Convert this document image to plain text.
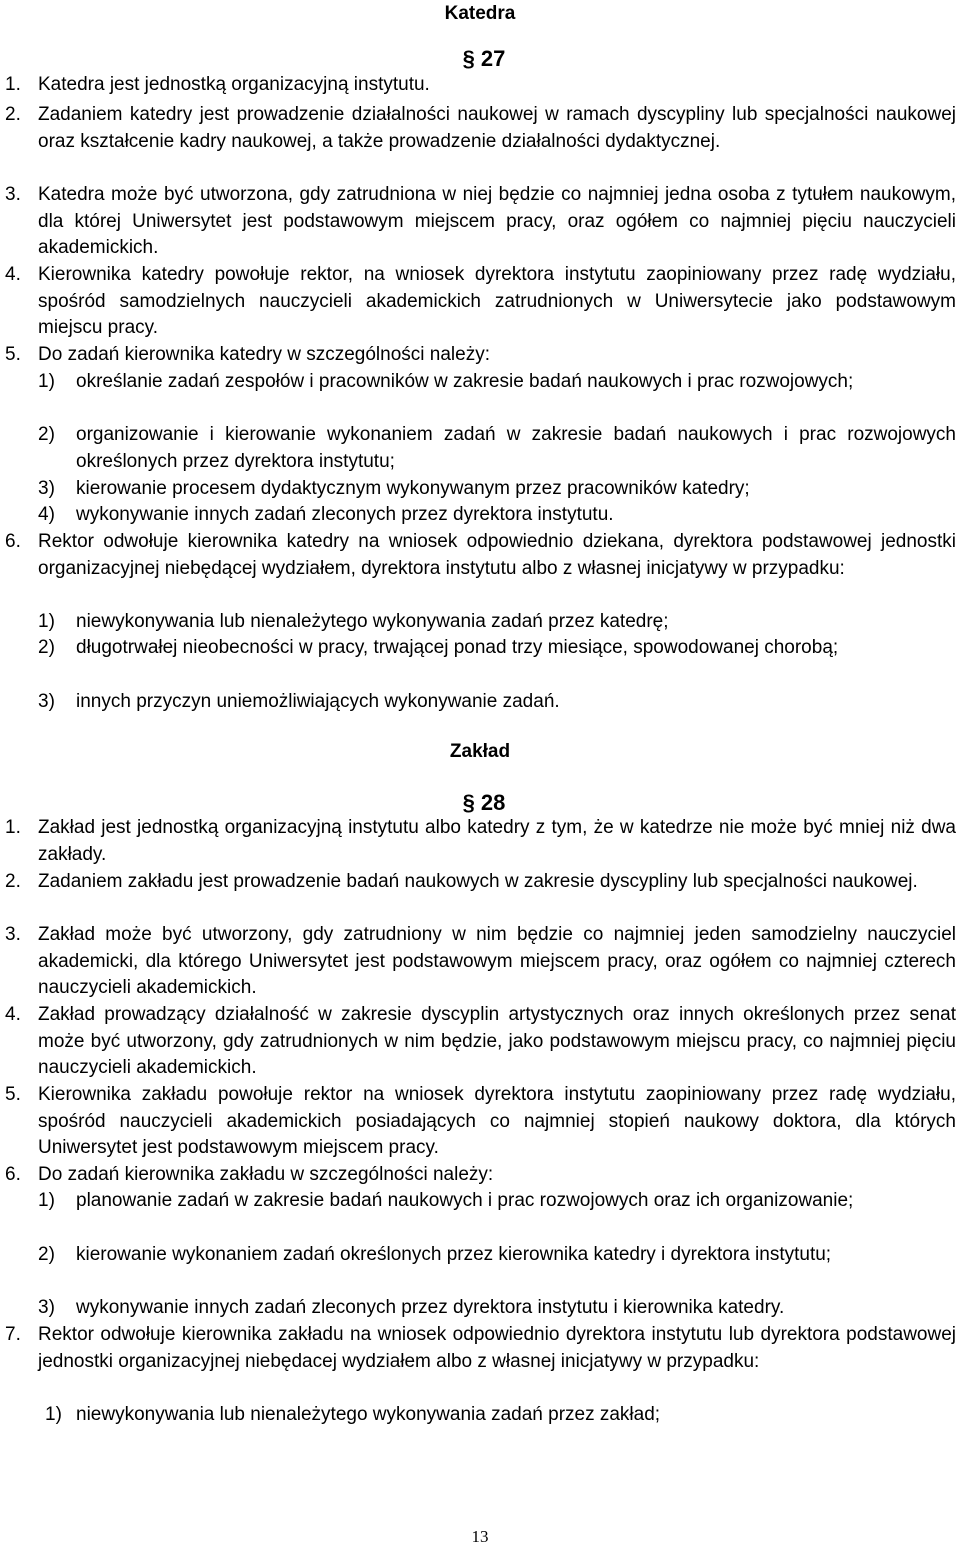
Katedra
§ 27
1. Katedra jest jednostką organizacyjną instytutu.
2. Zadaniem katedry jest prowadzenie działalności naukowej w ramach dyscypliny lub specjalności naukowej oraz kształcenie kadry naukowej, a także prowadzenie działalności dydaktycznej.
3. Katedra może być utworzona, gdy zatrudniona w niej będzie co najmniej jedna osoba z tytułem naukowym, dla której Uniwersytet jest podstawowym miejscem pracy, oraz ogółem co najmniej pięciu nauczycieli akademickich.
4. Kierownika katedry powołuje rektor, na wniosek dyrektora instytutu zaopiniowany przez radę wydziału, spośród samodzielnych nauczycieli akademickich zatrudnionych w Uniwersytecie jako podstawowym miejscu pracy.
5. Do zadań kierownika katedry w szczególności należy:
1) określanie zadań zespołów i pracowników w zakresie badań naukowych i prac rozwojowych;
2) organizowanie i kierowanie wykonaniem zadań w zakresie badań naukowych i prac rozwojowych określonych przez dyrektora instytutu;
3) kierowanie procesem dydaktycznym wykonywanym przez pracowników katedry;
4) wykonywanie innych zadań zleconych przez dyrektora instytutu.
6. Rektor odwołuje kierownika katedry na wniosek odpowiednio dziekana, dyrektora podstawowej jednostki organizacyjnej niebędącej wydziałem, dyrektora instytutu albo z własnej inicjatywy w przypadku:
1) niewykonywania lub nienależytego wykonywania zadań przez katedrę;
2) długotrwałej nieobecności w pracy, trwającej ponad trzy miesiące, spowodowanej chorobą;
3) innych przyczyn uniemożliwiających wykonywanie zadań.
Zakład
§ 28
1. Zakład jest jednostką organizacyjną instytutu albo katedry z tym, że w katedrze nie może być mniej niż dwa zakłady.
2. Zadaniem zakładu jest prowadzenie badań naukowych w zakresie dyscypliny lub specjalności naukowej.
3. Zakład może być utworzony, gdy zatrudniony w nim będzie co najmniej jeden samodzielny nauczyciel akademicki, dla którego Uniwersytet jest podstawowym miejscem pracy, oraz ogółem co najmniej czterech nauczycieli akademickich.
4. Zakład prowadzący działalność w zakresie dyscyplin artystycznych oraz innych określonych przez senat może być utworzony, gdy zatrudnionych w nim będzie, jako podstawowym miejscu pracy, co najmniej pięciu nauczycieli akademickich.
5. Kierownika zakładu powołuje rektor na wniosek dyrektora instytutu zaopiniowany przez radę wydziału, spośród nauczycieli akademickich posiadających co najmniej stopień naukowy doktora, dla których Uniwersytet jest podstawowym miejscem pracy.
6. Do zadań kierownika zakładu w szczególności należy:
1) planowanie zadań w zakresie badań naukowych i prac rozwojowych oraz ich organizowanie;
2) kierowanie wykonaniem zadań określonych przez kierownika katedry i dyrektora instytutu;
3) wykonywanie innych zadań zleconych przez dyrektora instytutu i kierownika katedry.
7. Rektor odwołuje kierownika zakładu na wniosek odpowiednio dyrektora instytutu lub dyrektora podstawowej jednostki organizacyjnej niebędacej wydziałem albo z własnej inicjatywy w przypadku:
1) niewykonywania lub nienależytego wykonywania zadań przez zakład;
13
